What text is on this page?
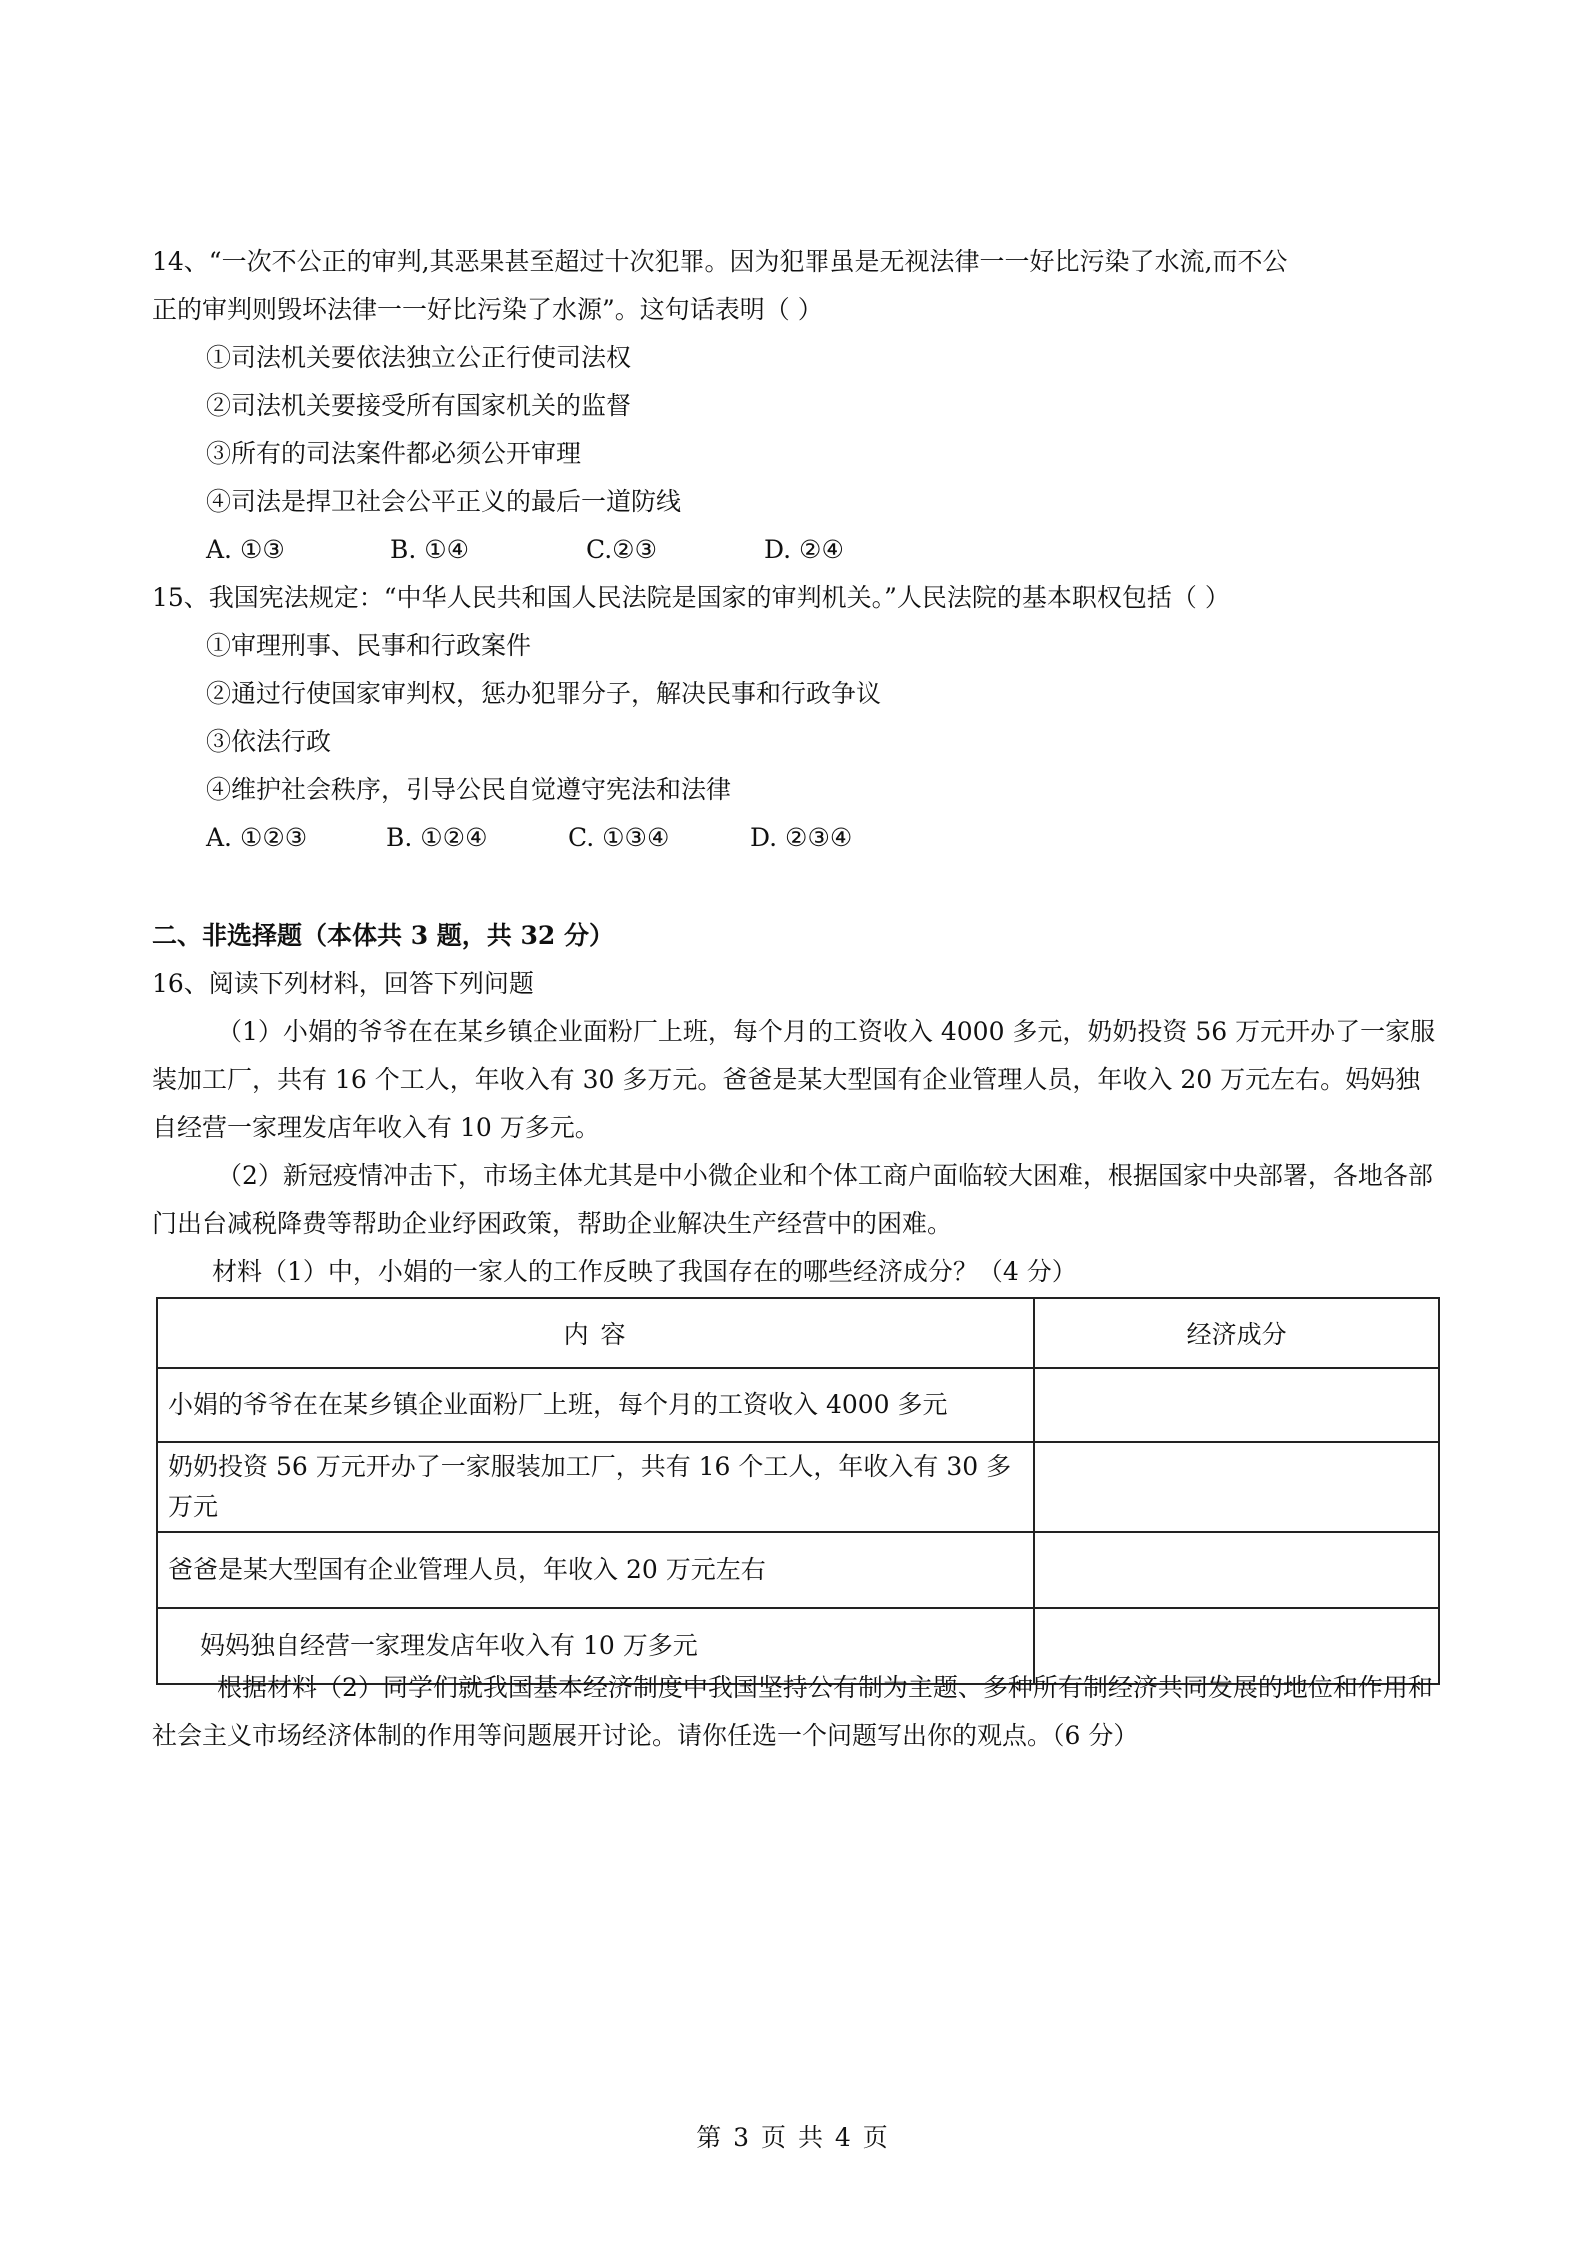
14、“一次不公正的审判,其恶果甚至超过十次犯罪。因为犯罪虽是无视法律一一好比污染了水流,而不公
正的审判则毁坏法律一一好比污染了水源”。这句话表明（ ）
①司法机关要依法独立公正行使司法权
②司法机关要接受所有国家机关的监督
③所有的司法案件都必须公开审理
④司法是捍卫社会公平正义的最后一道防线
A. ①③	B. ①④	C.②③	D. ②④
15、我国宪法规定：“中华人民共和国人民法院是国家的审判机关。”人民法院的基本职权包括（ ）
①审理刑事、民事和行政案件
②通过行使国家审判权，惩办犯罪分子，解决民事和行政争议
③依法行政
④维护社会秩序，引导公民自觉遵守宪法和法律
A. ①②③	B. ①②④	C. ①③④	D. ②③④
二、非选择题（本体共 3 题，共 32 分）
16、阅读下列材料，回答下列问题
（1）小娟的爷爷在在某乡镇企业面粉厂上班，每个月的工资收入 4000 多元，奶奶投资 56 万元开办了一家服装加工厂，共有 16 个工人，年收入有 30 多万元。爸爸是某大型国有企业管理人员，年收入 20 万元左右。妈妈独自经营一家理发店年收入有 10 万多元。
（2）新冠疫情冲击下，市场主体尤其是中小微企业和个体工商户面临较大困难，根据国家中央部署，各地各部门出台减税降费等帮助企业纾困政策，帮助企业解决生产经营中的困难。
材料（1）中，小娟的一家人的工作反映了我国存在的哪些经济成分？（4 分）
内 容	经济成分
小娟的爷爷在在某乡镇企业面粉厂上班，每个月的工资收入 4000 多元	
奶奶投资 56 万元开办了一家服装加工厂，共有 16 个工人，年收入有 30 多万元	
爸爸是某大型国有企业管理人员，年收入 20 万元左右	
妈妈独自经营一家理发店年收入有 10 万多元	
根据材料（2）同学们就我国基本经济制度中我国坚持公有制为主题、多种所有制经济共同发展的地位和作用和社会主义市场经济体制的作用等问题展开讨论。请你任选一个问题写出你的观点。（6 分）
第 3 页 共 4 页
